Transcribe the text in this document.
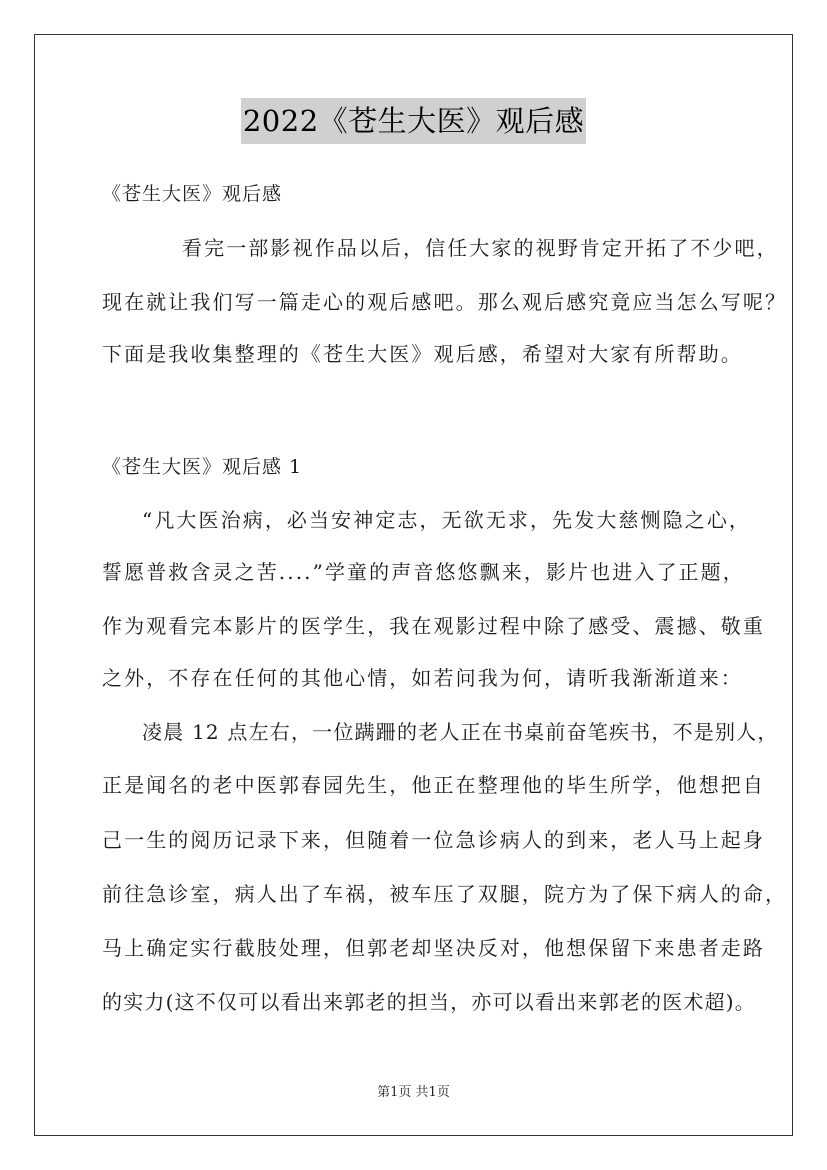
2022《苍生大医》观后感
《苍生大医》观后感
看完一部影视作品以后，信任大家的视野肯定开拓了不少吧，
现在就让我们写一篇走心的观后感吧。那么观后感究竟应当怎么写呢？
下面是我收集整理的《苍生大医》观后感，希望对大家有所帮助。
《苍生大医》观后感 1
“凡大医治病，必当安神定志，无欲无求，先发大慈恻隐之心，
誓愿普救含灵之苦....”学童的声音悠悠飘来，影片也进入了正题，
作为观看完本影片的医学生，我在观影过程中除了感受、震撼、敬重
之外，不存在任何的其他心情，如若问我为何，请听我渐渐道来：
凌晨 12 点左右，一位蹒跚的老人正在书桌前奋笔疾书，不是别人，
正是闻名的老中医郭春园先生，他正在整理他的毕生所学，他想把自
己一生的阅历记录下来，但随着一位急诊病人的到来，老人马上起身
前往急诊室，病人出了车祸，被车压了双腿，院方为了保下病人的命，
马上确定实行截肢处理，但郭老却坚决反对，他想保留下来患者走路
的实力(这不仅可以看出来郭老的担当，亦可以看出来郭老的医术超)。
第1页 共1页
